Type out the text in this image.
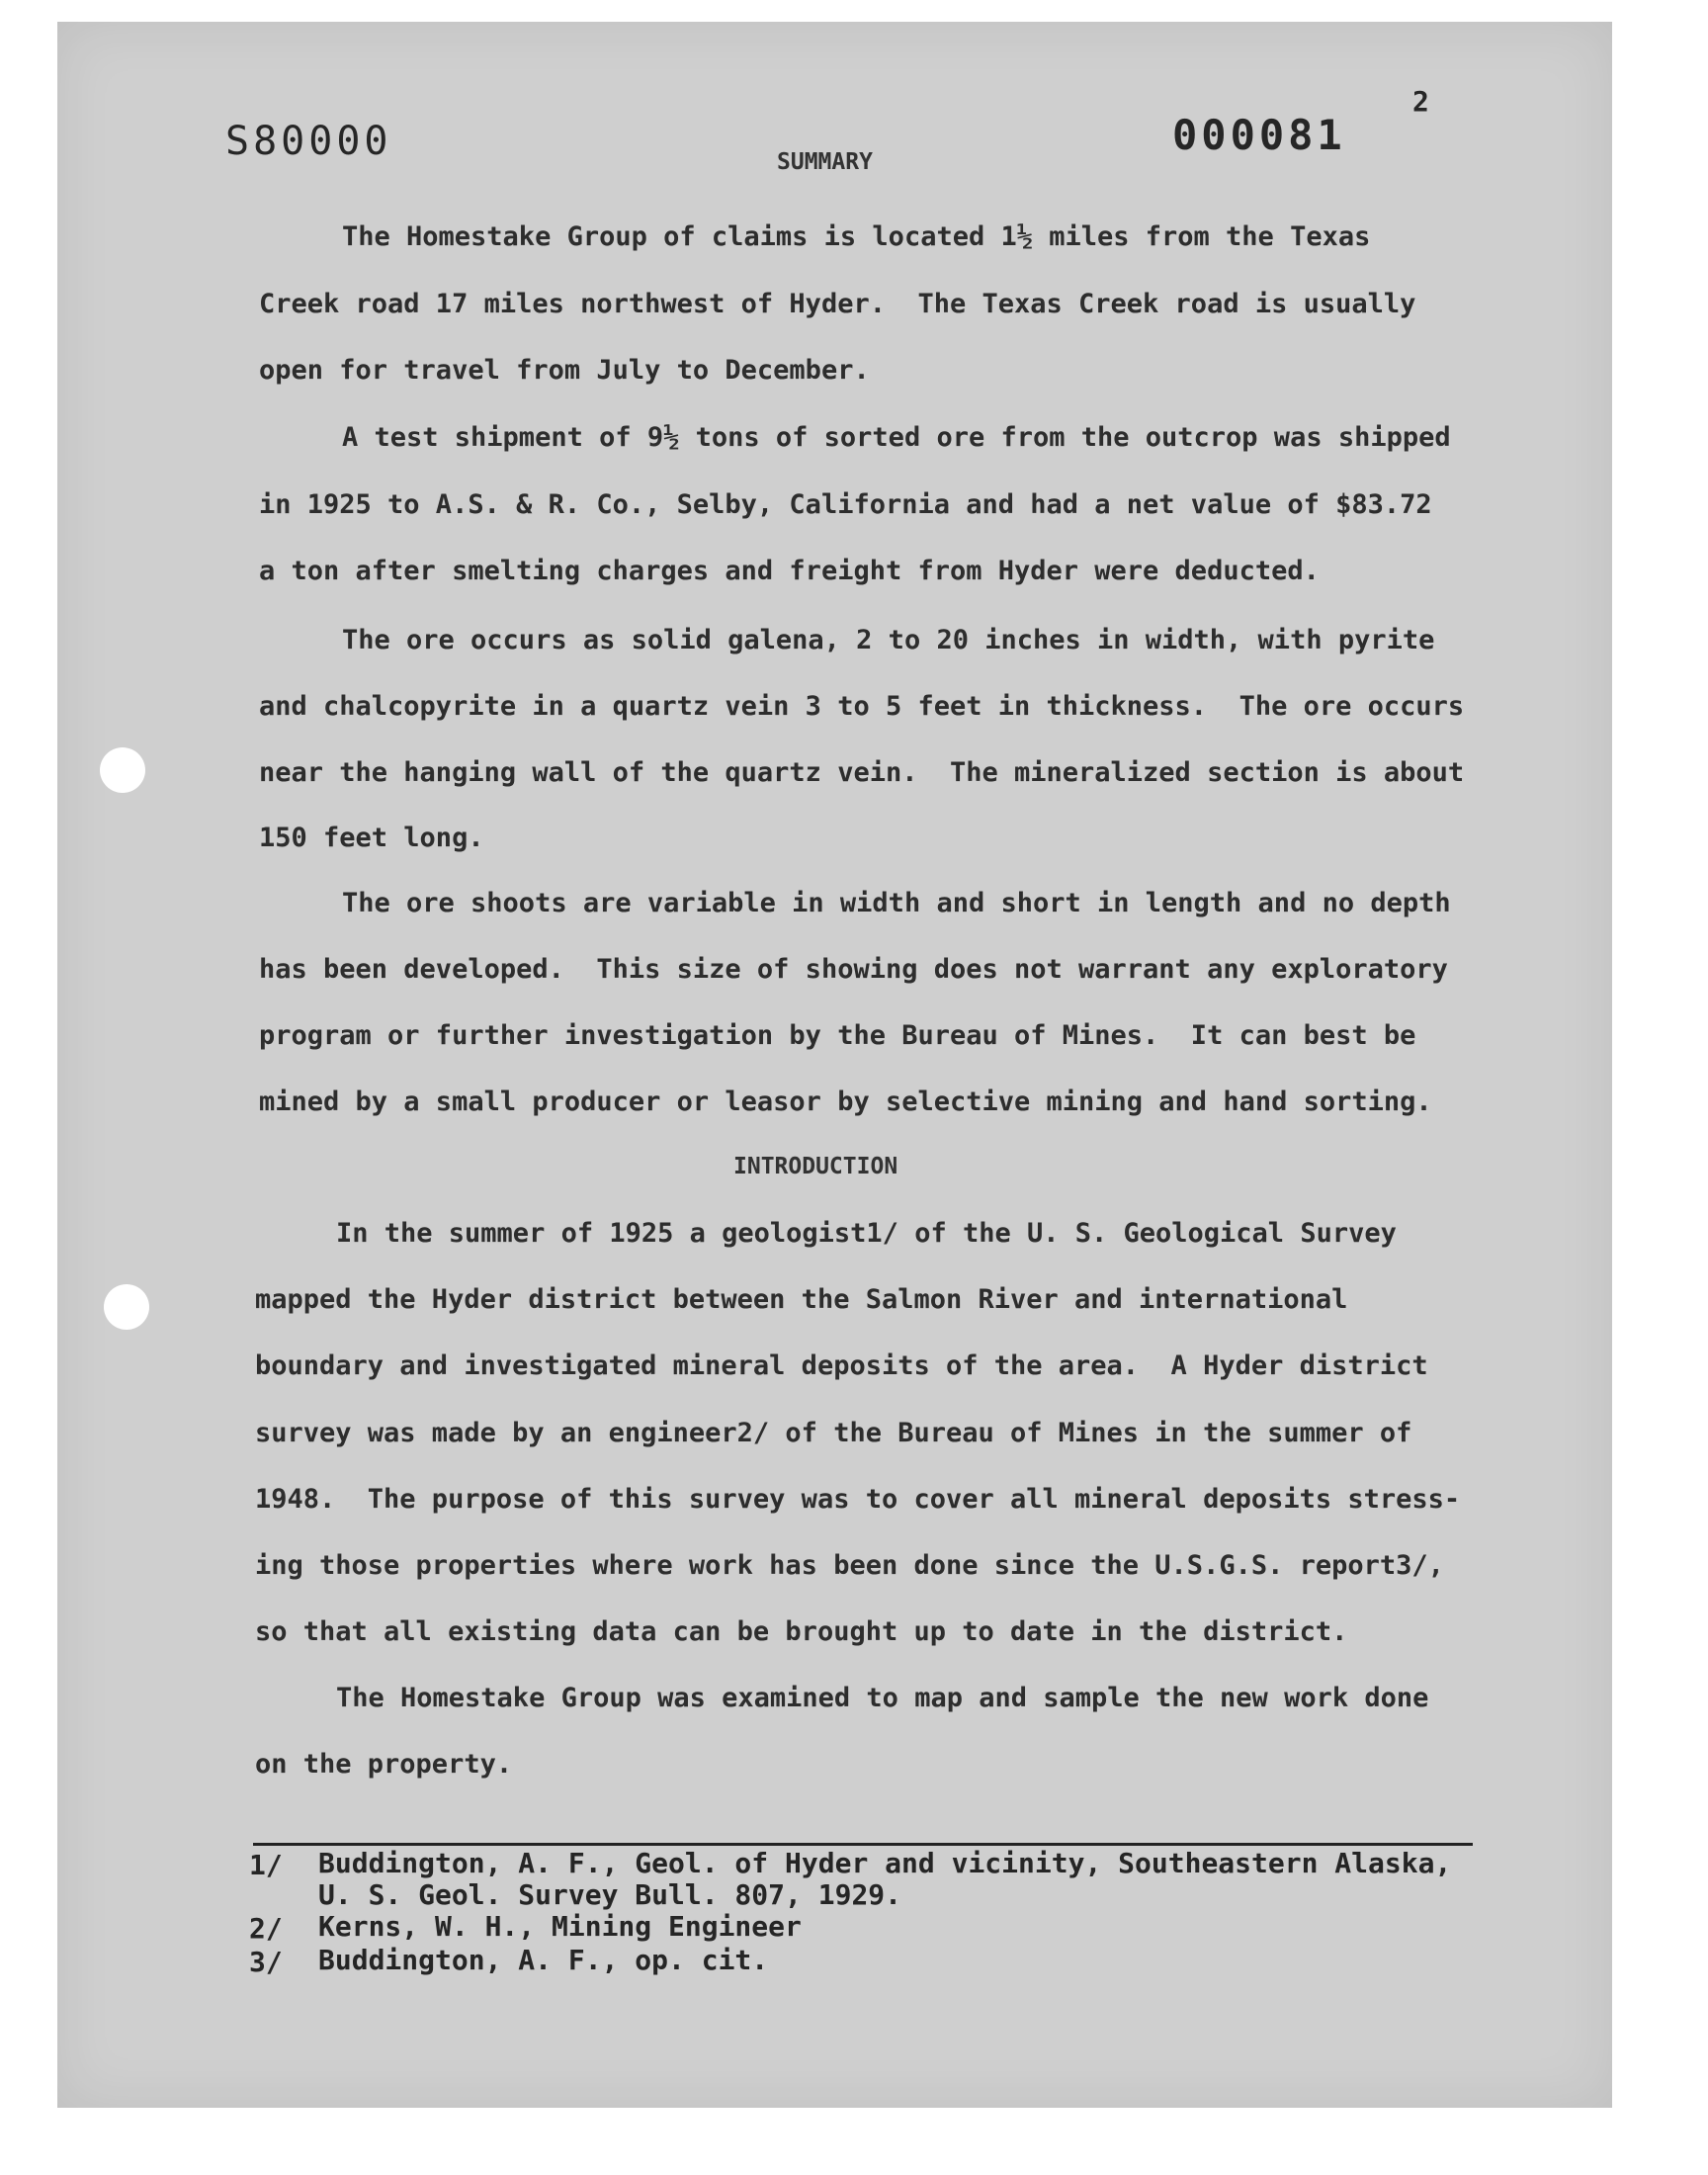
S80000	000081
2
SUMMARY
The Homestake Group of claims is located 1½ miles from the Texas
Creek road 17 miles northwest of Hyder.  The Texas Creek road is usually
open for travel from July to December.
A test shipment of 9½ tons of sorted ore from the outcrop was shipped
in 1925 to A.S. & R. Co., Selby, California and had a net value of $83.72
a ton after smelting charges and freight from Hyder were deducted.
The ore occurs as solid galena, 2 to 20 inches in width, with pyrite
and chalcopyrite in a quartz vein 3 to 5 feet in thickness.  The ore occurs
near the hanging wall of the quartz vein.  The mineralized section is about
150 feet long.
The ore shoots are variable in width and short in length and no depth
has been developed.  This size of showing does not warrant any exploratory
program or further investigation by the Bureau of Mines.  It can best be
mined by a small producer or leasor by selective mining and hand sorting.
INTRODUCTION
In the summer of 1925 a geologist1/ of the U. S. Geological Survey
mapped the Hyder district between the Salmon River and international
boundary and investigated mineral deposits of the area.  A Hyder district
survey was made by an engineer2/ of the Bureau of Mines in the summer of
1948.  The purpose of this survey was to cover all mineral deposits stress-
ing those properties where work has been done since the U.S.G.S. report3/,
so that all existing data can be brought up to date in the district.
The Homestake Group was examined to map and sample the new work done
on the property.
1/ Buddington, A. F., Geol. of Hyder and vicinity, Southeastern Alaska,
U. S. Geol. Survey Bull. 807, 1929.
2/ Kerns, W. H., Mining Engineer
3/ Buddington, A. F., op. cit.
